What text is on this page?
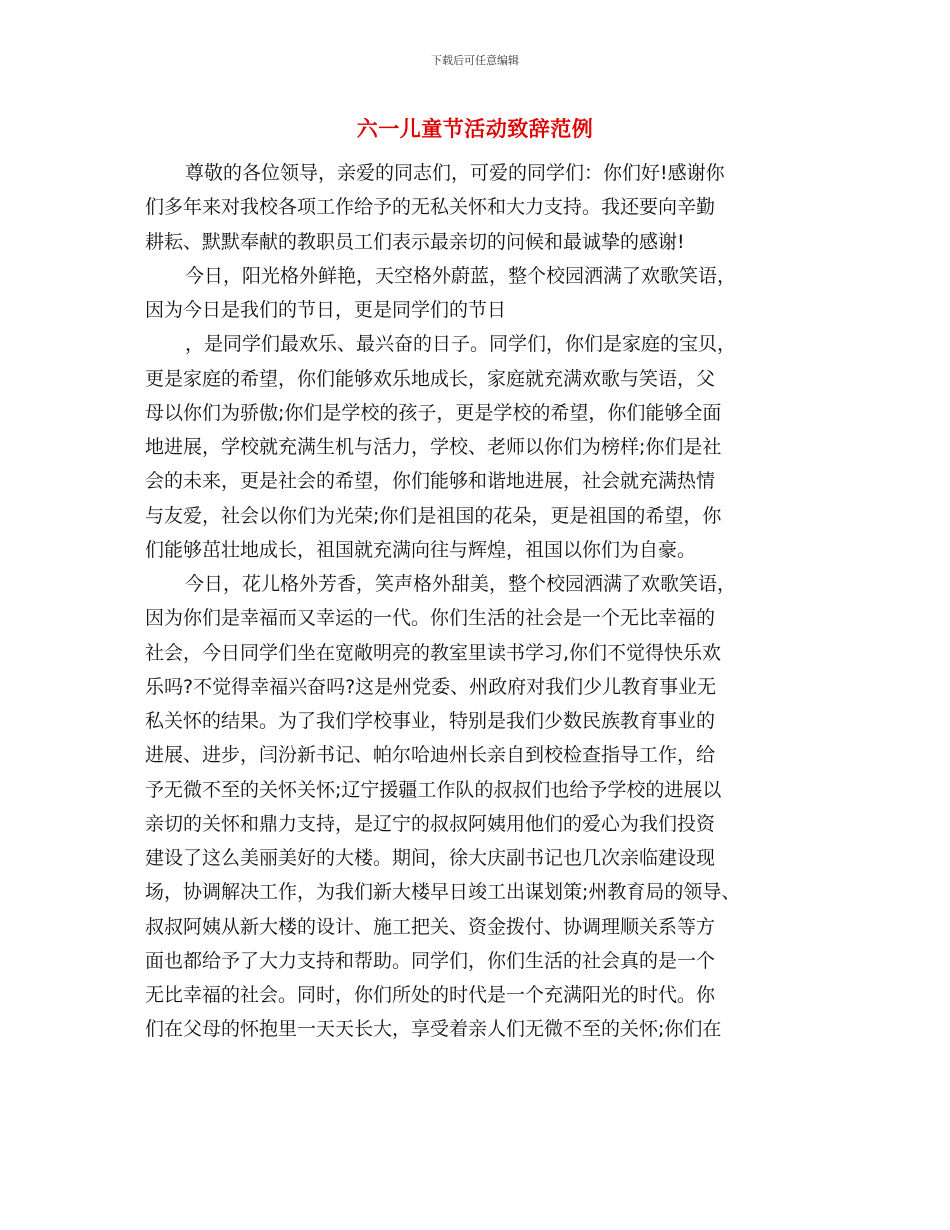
下载后可任意编辑
六一儿童节活动致辞范例
尊敬的各位领导，亲爱的同志们，可爱的同学们：你们好!感谢你
们多年来对我校各项工作给予的无私关怀和大力支持。我还要向辛勤
耕耘、默默奉献的教职员工们表示最亲切的问候和最诚挚的感谢!
今日，阳光格外鲜艳，天空格外蔚蓝，整个校园洒满了欢歌笑语，
因为今日是我们的节日，更是同学们的节日
，是同学们最欢乐、最兴奋的日子。同学们，你们是家庭的宝贝，
更是家庭的希望，你们能够欢乐地成长，家庭就充满欢歌与笑语，父
母以你们为骄傲;你们是学校的孩子，更是学校的希望，你们能够全面
地进展，学校就充满生机与活力，学校、老师以你们为榜样;你们是社
会的未来，更是社会的希望，你们能够和谐地进展，社会就充满热情
与友爱，社会以你们为光荣;你们是祖国的花朵，更是祖国的希望，你
们能够茁壮地成长，祖国就充满向往与辉煌，祖国以你们为自豪。
今日，花儿格外芳香，笑声格外甜美，整个校园洒满了欢歌笑语，
因为你们是幸福而又幸运的一代。你们生活的社会是一个无比幸福的
社会，今日同学们坐在宽敞明亮的教室里读书学习,你们不觉得快乐欢
乐吗?不觉得幸福兴奋吗?这是州党委、州政府对我们少儿教育事业无
私关怀的结果。为了我们学校事业，特别是我们少数民族教育事业的
进展、进步，闫汾新书记、帕尔哈迪州长亲自到校检查指导工作，给
予无微不至的关怀关怀;辽宁援疆工作队的叔叔们也给予学校的进展以
亲切的关怀和鼎力支持，是辽宁的叔叔阿姨用他们的爱心为我们投资
建设了这么美丽美好的大楼。期间，徐大庆副书记也几次亲临建设现
场，协调解决工作，为我们新大楼早日竣工出谋划策;州教育局的领导、
叔叔阿姨从新大楼的设计、施工把关、资金拨付、协调理顺关系等方
面也都给予了大力支持和帮助。同学们，你们生活的社会真的是一个
无比幸福的社会。同时，你们所处的时代是一个充满阳光的时代。你
们在父母的怀抱里一天天长大，享受着亲人们无微不至的关怀;你们在
